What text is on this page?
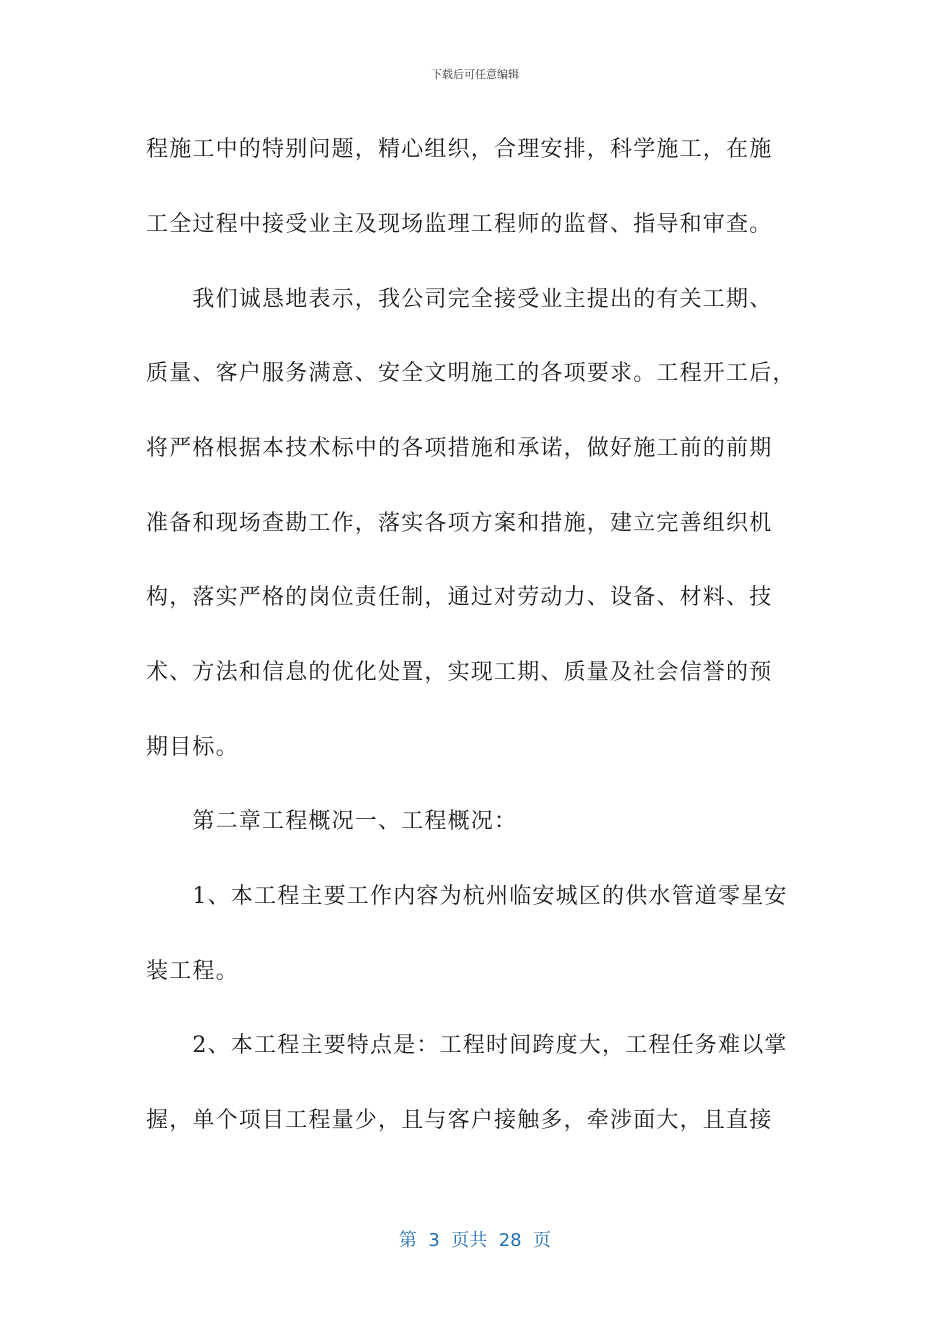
下载后可任意编辑
程施工中的特别问题，精心组织，合理安排，科学施工，在施
工全过程中接受业主及现场监理工程师的监督、指导和审查。
　　我们诚恳地表示，我公司完全接受业主提出的有关工期、
质量、客户服务满意、安全文明施工的各项要求。工程开工后，
将严格根据本技术标中的各项措施和承诺，做好施工前的前期
准备和现场查勘工作，落实各项方案和措施，建立完善组织机
构，落实严格的岗位责任制，通过对劳动力、设备、材料、技
术、方法和信息的优化处置，实现工期、质量及社会信誉的预
期目标。
　　第二章工程概况一、工程概况：
　　1、本工程主要工作内容为杭州临安城区的供水管道零星安
装工程。
　　2、本工程主要特点是：工程时间跨度大，工程任务难以掌
握，单个项目工程量少，且与客户接触多，牵涉面大，且直接
第  3  页共  28  页
